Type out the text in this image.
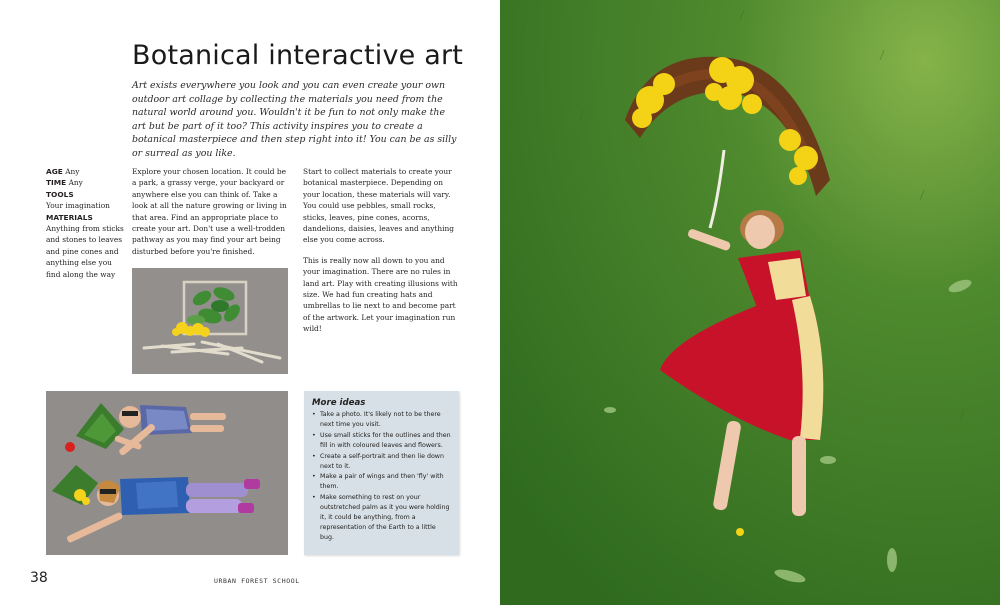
Botanical interactive art

Art exists everywhere you look and you can even create your own outdoor art collage by collecting the materials you need from the natural world around you. Wouldn't it be fun to not only make the art but be part of it too? This activity inspires you to create a botanical masterpiece and then step right into it! You can be as silly or surreal as you like.

AGE Any
TIME Any
TOOLS
Your imagination
MATERIALS
Anything from sticks and stones to leaves and pine cones and anything else you find along the way

Explore your chosen location. It could be a park, a grassy verge, your backyard or anywhere else you can think of. Take a look at all the nature growing or living in that area. Find an appropriate place to create your art. Don't use a well-trodden pathway as you may find your art being disturbed before you're finished.

Start to collect materials to create your botanical masterpiece. Depending on your location, these materials will vary. You could use pebbles, small rocks, sticks, leaves, pine cones, acorns, dandelions, daisies, leaves and anything else you come across.

This is really now all down to you and your imagination. There are no rules in land art. Play with creating illusions with size. We had fun creating hats and umbrellas to lie next to and become part of the artwork. Let your imagination run wild!

More ideas
• Take a photo. It's likely not to be there next time you visit.
• Use small sticks for the outlines and then fill in with coloured leaves and flowers.
• Create a self-portrait and then lie down next to it.
• Make a pair of wings and then 'fly' with them.
• Make something to rest on your outstretched palm as it you were holding it, it could be anything, from a representation of the Earth to a little bug.
38	URBAN FOREST SCHOOL
